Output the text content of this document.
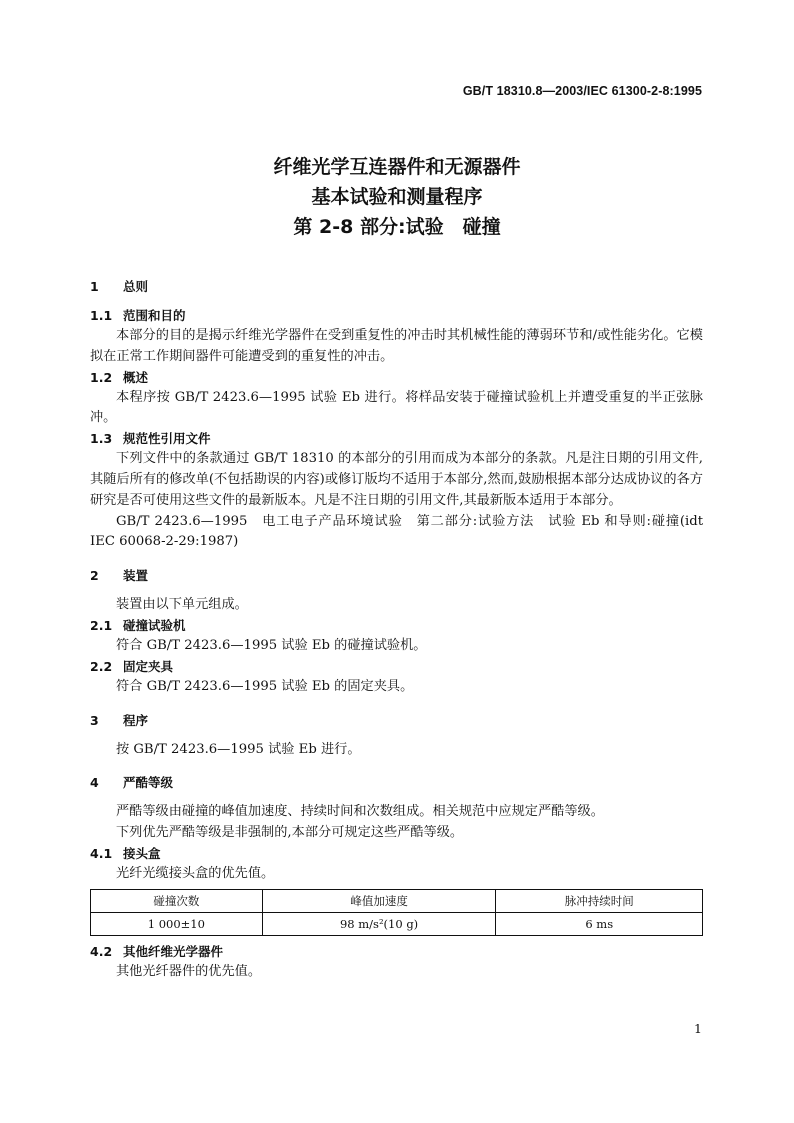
GB/T 18310.8—2003/IEC 61300-2-8:1995
纤维光学互连器件和无源器件
基本试验和测量程序
第 2-8 部分:试验　碰撞
1 总则
1.1 范围和目的
本部分的目的是揭示纤维光学器件在受到重复性的冲击时其机械性能的薄弱环节和/或性能劣化。它模拟在正常工作期间器件可能遭受到的重复性的冲击。
1.2 概述
本程序按 GB/T 2423.6—1995 试验 Eb 进行。将样品安装于碰撞试验机上并遭受重复的半正弦脉冲。
1.3 规范性引用文件
下列文件中的条款通过 GB/T 18310 的本部分的引用而成为本部分的条款。凡是注日期的引用文件,其随后所有的修改单(不包括勘误的内容)或修订版均不适用于本部分,然而,鼓励根据本部分达成协议的各方研究是否可使用这些文件的最新版本。凡是不注日期的引用文件,其最新版本适用于本部分。
GB/T 2423.6—1995　电工电子产品环境试验　第二部分:试验方法　试验 Eb 和导则:碰撞(idt IEC 60068-2-29:1987)
2 装置
装置由以下单元组成。
2.1 碰撞试验机
符合 GB/T 2423.6—1995 试验 Eb 的碰撞试验机。
2.2 固定夹具
符合 GB/T 2423.6—1995 试验 Eb 的固定夹具。
3 程序
按 GB/T 2423.6—1995 试验 Eb 进行。
4 严酷等级
严酷等级由碰撞的峰值加速度、持续时间和次数组成。相关规范中应规定严酷等级。
下列优先严酷等级是非强制的,本部分可规定这些严酷等级。
4.1 接头盒
光纤光缆接头盒的优先值。
碰撞次数	峰值加速度	脉冲持续时间
1 000±10	98 m/s²(10 g)	6 ms
4.2 其他纤维光学器件
其他光纤器件的优先值。
1
